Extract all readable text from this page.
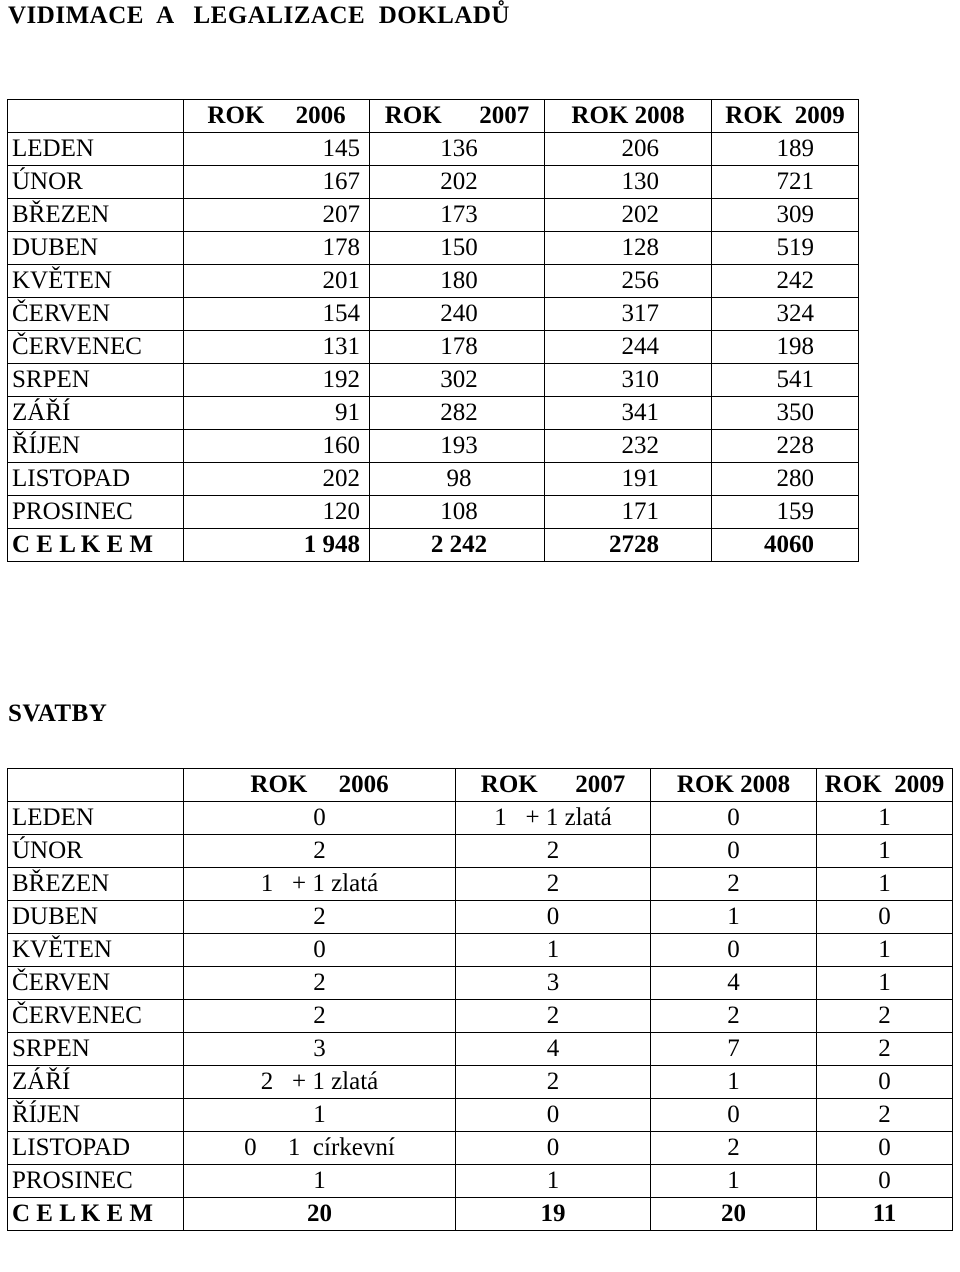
VIDIMACE  A   LEGALIZACE  DOKLADŮ
	ROK     2006	ROK      2007	ROK 2008	ROK  2009
LEDEN	145	136	206	189
ÚNOR	167	202	130	721
BŘEZEN	207	173	202	309
DUBEN	178	150	128	519
KVĚTEN	201	180	256	242
ČERVEN	154	240	317	324
ČERVENEC	131	178	244	198
SRPEN	192	302	310	541
ZÁŘÍ	91	282	341	350
ŘÍJEN	160	193	232	228
LISTOPAD	202	98	191	280
PROSINEC	120	108	171	159
C E L K E M	1 948	2 242	2728	4060
SVATBY
	ROK     2006	ROK      2007	ROK 2008	ROK  2009
LEDEN	0	1   + 1 zlatá	0	1
ÚNOR	2	2	0	1
BŘEZEN	1   + 1 zlatá	2	2	1
DUBEN	2	0	1	0
KVĚTEN	0	1	0	1
ČERVEN	2	3	4	1
ČERVENEC	2	2	2	2
SRPEN	3	4	7	2
ZÁŘÍ	2   + 1 zlatá	2	1	0
ŘÍJEN	1	0	0	2
LISTOPAD	0     1  církevní	0	2	0
PROSINEC	1	1	1	0
C E L K E M	20	19	20	11
